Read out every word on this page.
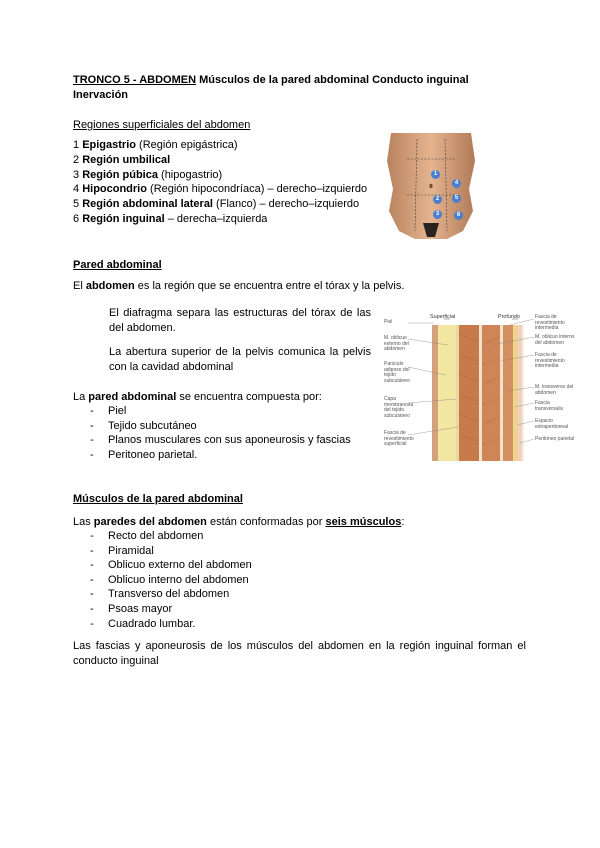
TRONCO 5 - ABDOMEN Músculos de la pared abdominal Conducto inguinal
Inervación
Regiones superficiales del abdomen
1 Epigastrio (Región epigástrica)
2 Región umbilical
3 Región púbica (hipogastrio)
4 Hipocondrio (Región hipocondríaca) – derecho–izquierdo
5 Región abdominal lateral (Flanco) – derecho–izquierdo
6 Región inguinal – derecha–izquierda
1
4
2	5
3	6
Pared abdominal
El abdomen es la región que se encuentra entre el tórax y la pelvis.
El diafragma separa las estructuras del tórax de las del abdomen.
La abertura superior de la pelvis comunica la pelvis con la cavidad abdominal
La pared abdominal se encuentra compuesta por:
- Piel
- Tejido subcutáneo
- Planos musculares con sus aponeurosis y fascias
- Peritoneo parietal.
Superficial	Profundo
Piel
M. oblicuo externo del abdomen
Panículo adiposo del tejido subcutáneo
Capa membranosa del tejido subcutáneo
Fascia de revestimiento superficial
Fascia de revestimiento intermedia
M. oblicuo interno del abdomen
Fascia de revestimiento intermedia
M. transverso del abdomen
Fascia transversalis
Espacio extraperitoneal
Peritoneo parietal
Músculos de la pared abdominal
Las paredes del abdomen están conformadas por seis músculos:
- Recto del abdomen
- Piramidal
- Oblicuo externo del abdomen
- Oblicuo interno del abdomen
- Transverso del abdomen
- Psoas mayor
- Cuadrado lumbar.
Las fascias y aponeurosis de los músculos del abdomen en la región inguinal forman el conducto inguinal
